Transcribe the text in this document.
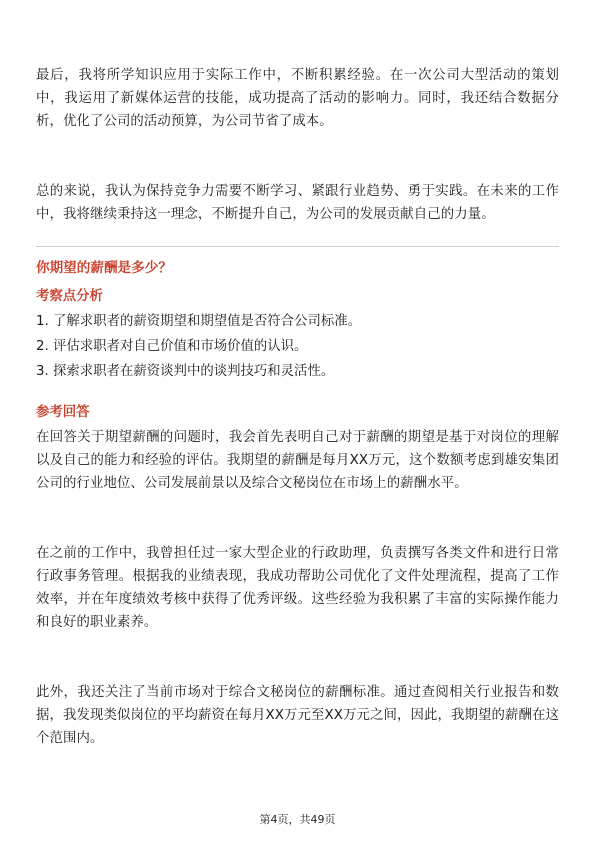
最后，我将所学知识应用于实际工作中，不断积累经验。在一次公司大型活动的策划中，我运用了新媒体运营的技能，成功提高了活动的影响力。同时，我还结合数据分析，优化了公司的活动预算，为公司节省了成本。

总的来说，我认为保持竞争力需要不断学习、紧跟行业趋势、勇于实践。在未来的工作中，我将继续秉持这一理念，不断提升自己，为公司的发展贡献自己的力量。

你期望的薪酬是多少？

考察点分析

1. 了解求职者的薪资期望和期望值是否符合公司标准。
2. 评估求职者对自己价值和市场价值的认识。
3. 探索求职者在薪资谈判中的谈判技巧和灵活性。

参考回答

在回答关于期望薪酬的问题时，我会首先表明自己对于薪酬的期望是基于对岗位的理解以及自己的能力和经验的评估。我期望的薪酬是每月XX万元，这个数额考虑到雄安集团公司的行业地位、公司发展前景以及综合文秘岗位在市场上的薪酬水平。

在之前的工作中，我曾担任过一家大型企业的行政助理，负责撰写各类文件和进行日常行政事务管理。根据我的业绩表现，我成功帮助公司优化了文件处理流程，提高了工作效率，并在年度绩效考核中获得了优秀评级。这些经验为我积累了丰富的实际操作能力和良好的职业素养。

此外，我还关注了当前市场对于综合文秘岗位的薪酬标准。通过查阅相关行业报告和数据，我发现类似岗位的平均薪资在每月XX万元至XX万元之间，因此，我期望的薪酬在这个范围内。

第4页，共49页
